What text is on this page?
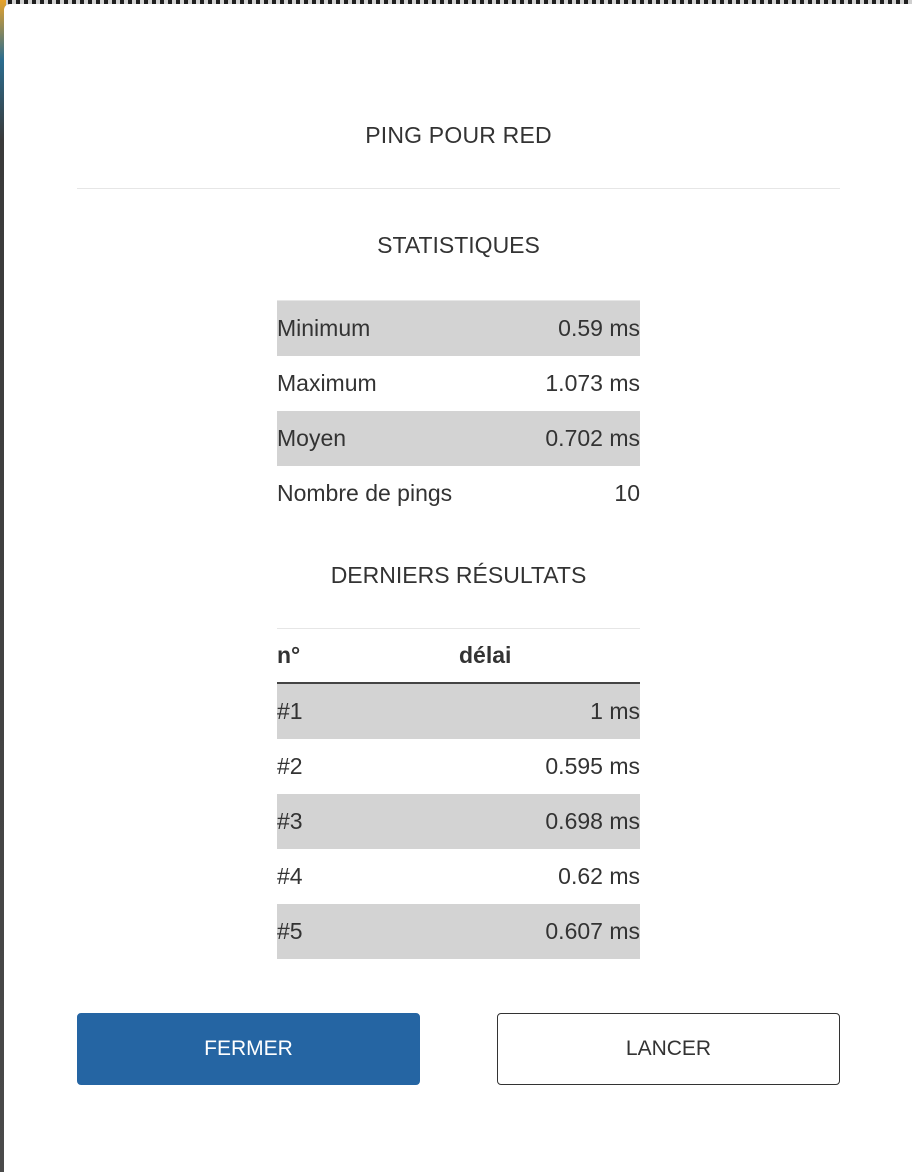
PING POUR RED
STATISTIQUES
Minimum	0.59 ms
Maximum	1.073 ms
Moyen	0.702 ms
Nombre de pings	10
DERNIERS RÉSULTATS
n°	délai
#1	1 ms
#2	0.595 ms
#3	0.698 ms
#4	0.62 ms
#5	0.607 ms
FERMER	LANCER
